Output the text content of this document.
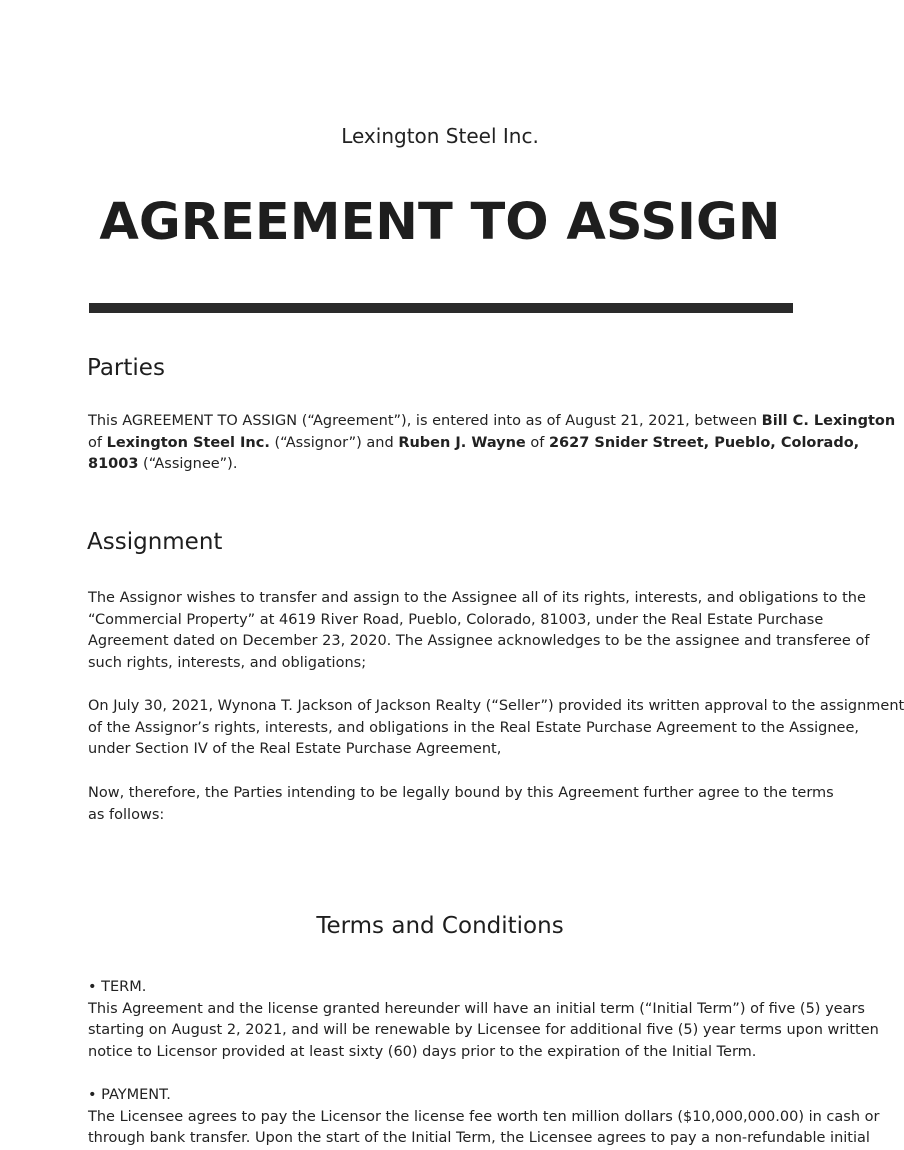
Lexington Steel Inc.
AGREEMENT TO ASSIGN
Parties
This AGREEMENT TO ASSIGN (“Agreement”), is entered into as of August 21, 2021, between Bill C. Lexington
of Lexington Steel Inc. (“Assignor”) and Ruben J. Wayne of 2627 Snider Street, Pueblo, Colorado,
81003 (“Assignee”).
Assignment
The Assignor wishes to transfer and assign to the Assignee all of its rights, interests, and obligations to the
“Commercial Property” at 4619 River Road, Pueblo, Colorado, 81003, under the Real Estate Purchase
Agreement dated on December 23, 2020. The Assignee acknowledges to be the assignee and transferee of
such rights, interests, and obligations;
On July 30, 2021, Wynona T. Jackson of Jackson Realty (“Seller”) provided its written approval to the assignment
of the Assignor’s rights, interests, and obligations in the Real Estate Purchase Agreement to the Assignee,
under Section IV of the Real Estate Purchase Agreement,
Now, therefore, the Parties intending to be legally bound by this Agreement further agree to the terms
as follows:
Terms and Conditions
• TERM.
This Agreement and the license granted hereunder will have an initial term (“Initial Term”) of five (5) years
starting on August 2, 2021, and will be renewable by Licensee for additional five (5) year terms upon written
notice to Licensor provided at least sixty (60) days prior to the expiration of the Initial Term.
• PAYMENT.
The Licensee agrees to pay the Licensor the license fee worth ten million dollars ($10,000,000.00) in cash or
through bank transfer. Upon the start of the Initial Term, the Licensee agrees to pay a non-refundable initial
